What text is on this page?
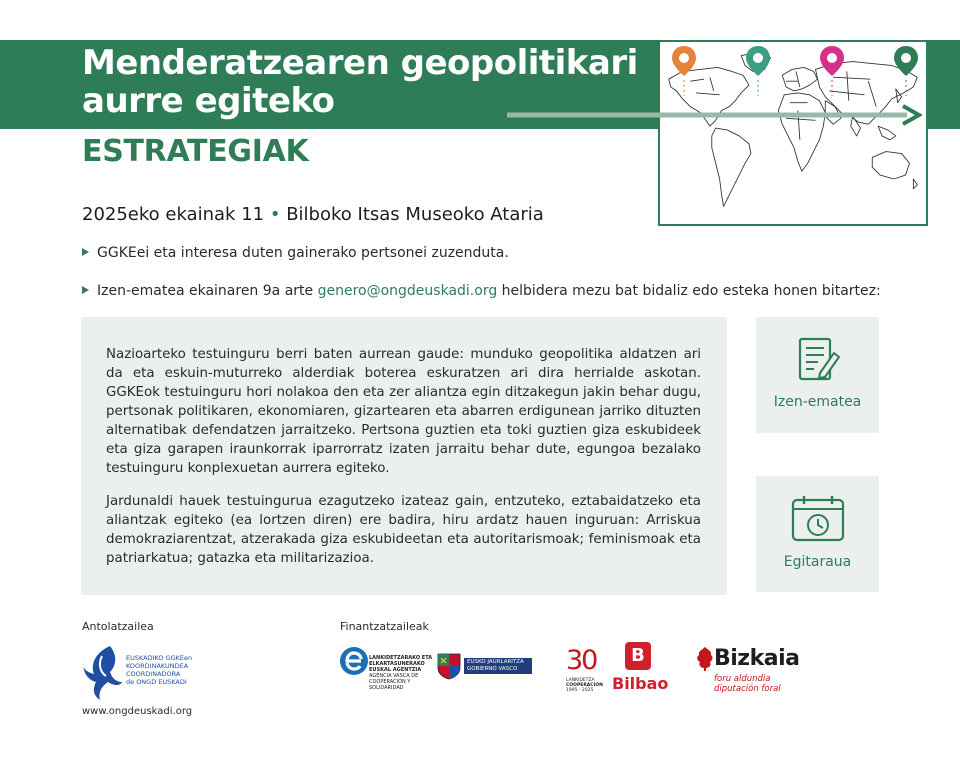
Menderatzearen geopolitikari
aurre egiteko
ESTRATEGIAK
2025eko ekainak 11 • Bilboko Itsas Museoko Ataria
GGKEei eta interesa duten gainerako pertsonei zuzenduta.
Izen-ematea ekainaren 9a arte genero@ongdeuskadi.org helbidera mezu bat bidaliz edo esteka honen bitartez:

Nazioarteko testuinguru berri baten aurrean gaude: munduko geopolitika aldatzen ari da eta eskuin-muturreko alderdiak boterea eskuratzen ari dira herrialde askotan. GGKEok testuinguru hori nolakoa den eta zer aliantza egin ditzakegun jakin behar dugu, pertsonak politikaren, ekonomiaren, gizartearen eta abarren erdigunean jarriko dituzten alternatibak defendatzen jarraitzeko. Pertsona guztien eta toki guztien giza eskubideek eta giza garapen iraunkorrak iparrorratz izaten jarraitu behar dute, egungoa bezalako testuinguru konplexuetan aurrera egiteko.

Jardunaldi hauek testuingurua ezagutzeko izateaz gain, entzuteko, eztabaidatzeko eta aliantzak egiteko (ea lortzen diren) ere badira, hiru ardatz hauen inguruan: Arriskua demokraziarentzat, atzerakada giza eskubideetan eta autoritarismoak; feminismoak eta patriarkatua; gatazka eta militarizazioa.

Izen-ematea
Egitaraua
Antolatzailea	Finantzatzaileak
EUSKADIKO GGKEen
KOORDINAKUNDEA
COORDINADORA
de ONGD EUSKADI
www.ongdeuskadi.org
LANKIDETZARAKO ETA
ELKARTASUNERAKO
EUSKAL AGENTZIA
AGENCIA VASCA DE
COOPERACIÓN Y
SOLIDARIDAD
EUSKO JAURLARITZA
GOBIERNO VASCO	30
LANKIDETZA
COOPERACIÓN
1995 - 2025
B
Bilbao
Bizkaia
foru aldundia
diputación foral
